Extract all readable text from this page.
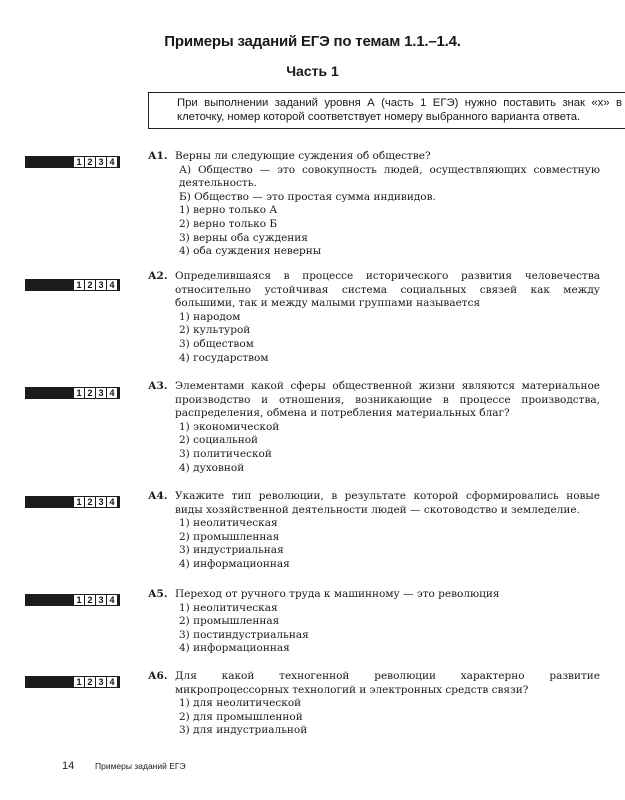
Примеры заданий ЕГЭ по темам 1.1.–1.4.
Часть 1
При выполнении заданий уровня А (часть 1 ЕГЭ) нужно поставить знак «х» в клеточку, номер которой соответствует номеру выбранного варианта ответа.
1 2 3 4	А1. Верны ли следующие суждения об обществе?
А) Общество — это совокупность людей, осуществляющих совместную деятельность.
Б) Общество — это простая сумма индивидов.
1) верно только А
2) верно только Б
3) верны оба суждения
4) оба суждения неверны
1 2 3 4
А2. Определившаяся в процессе исторического развития человечества относительно устойчивая система социальных связей как между большими, так и между малыми группами называется
1) народом
2) культурой
3) обществом
4) государством
1 2 3 4
А3. Элементами какой сферы общественной жизни являются материальное производство и отношения, возникающие в процессе производства, распределения, обмена и потребления материальных благ?
1) экономической
2) социальной
3) политической
4) духовной
1 2 3 4	А4. Укажите тип революции, в результате которой сформировались новые виды хозяйственной деятельности людей — скотоводство и земледелие.
1) неолитическая
2) промышленная
3) индустриальная
4) информационная
1 2 3 4	А5. Переход от ручного труда к машинному — это революция
1) неолитическая
2) промышленная
3) постиндустриальная
4) информационная
1 2 3 4	А6. Для какой техногенной революции характерно развитие микропроцессорных технологий и электронных средств связи?
1) для неолитической
2) для промышленной
3) для индустриальной
14 Примеры заданий ЕГЭ
